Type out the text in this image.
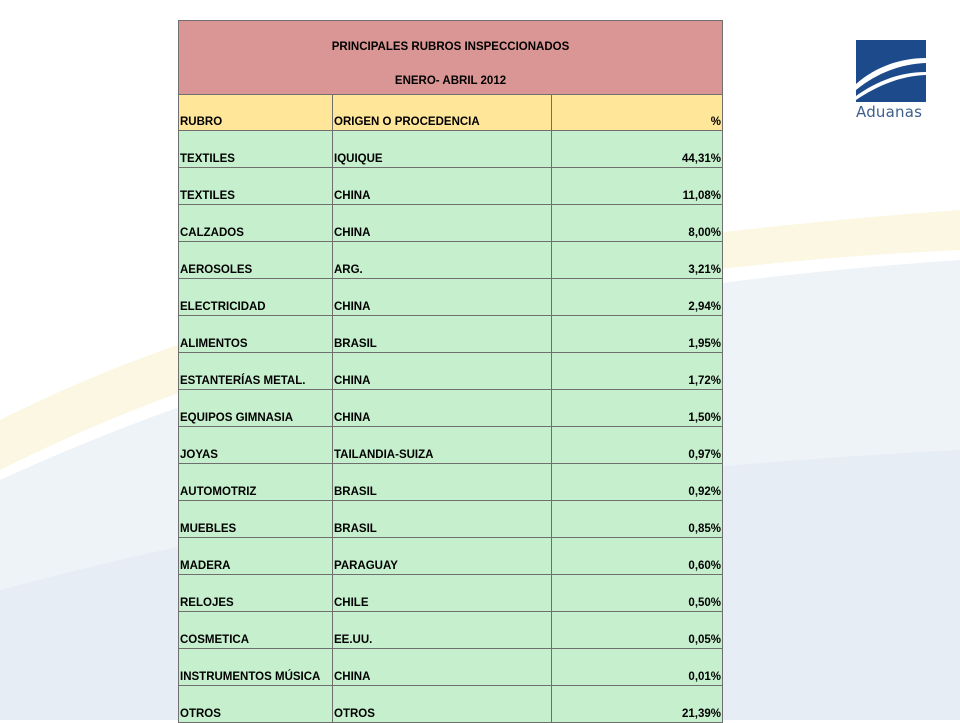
Aduanas
PRINCIPALES RUBROS INSPECCIONADOS
ENERO- ABRIL 2012		

RUBRO	ORIGEN O PROCEDENCIA	%
TEXTILES	IQUIQUE	44,31%
TEXTILES	CHINA	11,08%
CALZADOS	CHINA	8,00%
AEROSOLES	ARG.	3,21%
ELECTRICIDAD	CHINA	2,94%
ALIMENTOS	BRASIL	1,95%
ESTANTERÍAS METAL.	CHINA	1,72%
EQUIPOS GIMNASIA	CHINA	1,50%
JOYAS	TAILANDIA-SUIZA	0,97%
AUTOMOTRIZ	BRASIL	0,92%
MUEBLES	BRASIL	0,85%
MADERA	PARAGUAY	0,60%
RELOJES	CHILE	0,50%
COSMETICA	EE.UU.	0,05%
INSTRUMENTOS MÚSICA	CHINA	0,01%
OTROS	OTROS	21,39%
